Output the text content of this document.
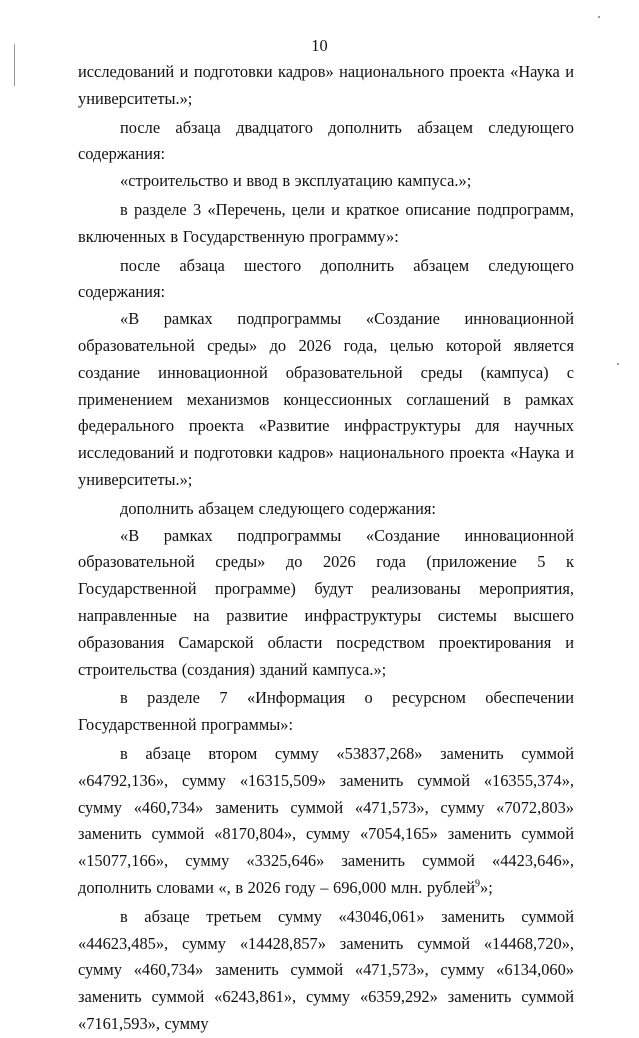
10

исследований и подготовки кадров» национального проекта «Наука и университеты.»;

после абзаца двадцатого дополнить абзацем следующего содержания:

«строительство и ввод в эксплуатацию кампуса.»;

в разделе 3 «Перечень, цели и краткое описание подпрограмм, включенных в Государственную программу»:

после абзаца шестого дополнить абзацем следующего содержания:

«В рамках подпрограммы «Создание инновационной образовательной среды» до 2026 года, целью которой является создание инновационной образовательной среды (кампуса) с применением механизмов концессионных соглашений в рамках федерального проекта «Развитие инфраструктуры для научных исследований и подготовки кадров» национального проекта «Наука и университеты.»;

дополнить абзацем следующего содержания:

«В рамках подпрограммы «Создание инновационной образовательной среды» до 2026 года (приложение 5 к Государственной программе) будут реализованы мероприятия, направленные на развитие инфраструктуры системы высшего образования Самарской области посредством проектирования и строительства (создания) зданий кампуса.»;

в разделе 7 «Информация о ресурсном обеспечении Государственной программы»:

в абзаце втором сумму «53837,268» заменить суммой «64792,136», сумму «16315,509» заменить суммой «16355,374», сумму «460,734» заменить суммой «471,573», сумму «7072,803» заменить суммой «8170,804», сумму «7054,165» заменить суммой «15077,166», сумму «3325,646» заменить суммой «4423,646», дополнить словами «, в 2026 году – 696,000 млн. рублей$^9$»;

в абзаце третьем сумму «43046,061» заменить суммой «44623,485», сумму «14428,857» заменить суммой «14468,720», сумму «460,734» заменить суммой «471,573», сумму «6134,060» заменить суммой «6243,861», сумму «6359,292» заменить суммой «7161,593», сумму
